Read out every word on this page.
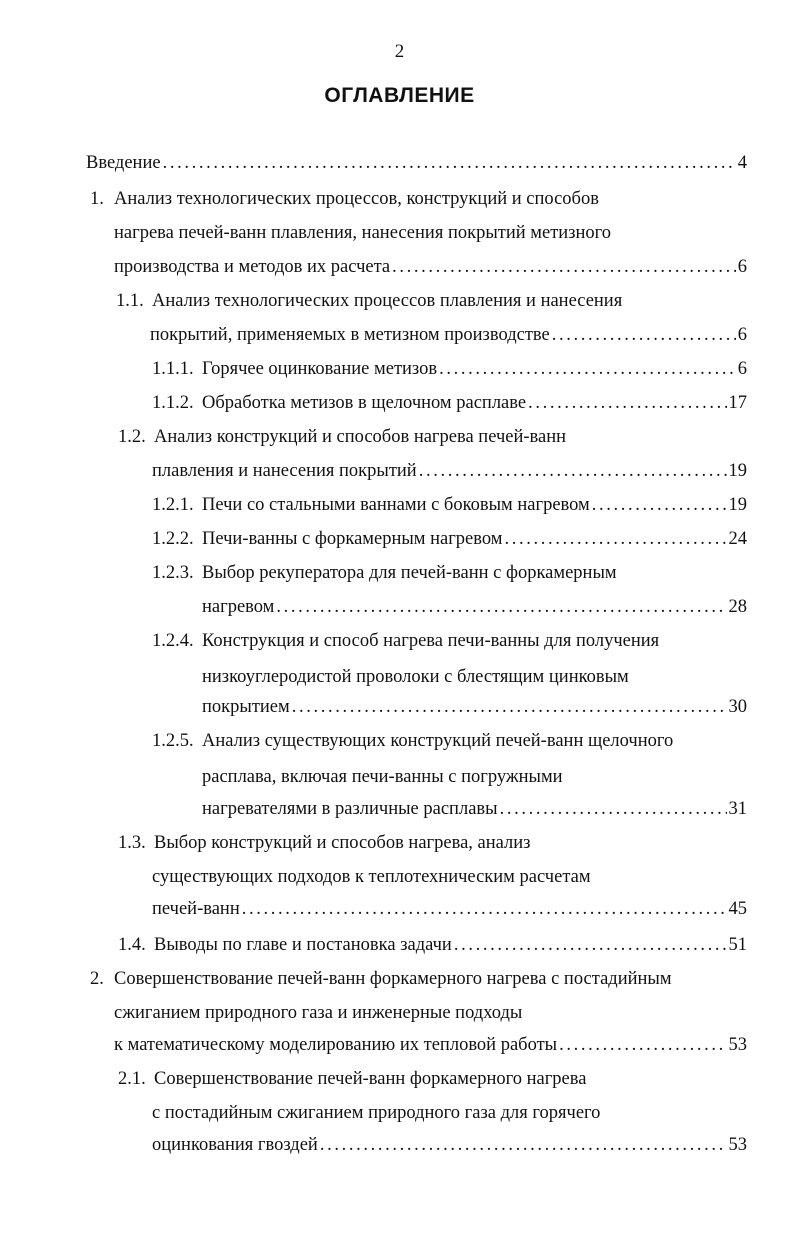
2
ОГЛАВЛЕНИЕ
Введение . . .	4
1. Анализ технологических процессов, конструкций и способов
нагрева печей-ванн плавления, нанесения покрытий метизного
производства и методов их расчета . . .	6
1.1. Анализ технологических процессов плавления и нанесения
покрытий, применяемых в метизном производстве . . .	6
1.1.1. Горячее оцинкование метизов . . .	6
1.1.2. Обработка метизов в щелочном расплаве . . .	17
1.2. Анализ конструкций и способов нагрева печей-ванн
плавления и нанесения покрытий . . .	19
1.2.1. Печи со стальными ваннами с боковым нагревом . . .	19
1.2.2. Печи-ванны с форкамерным нагревом . . .	24
1.2.3. Выбор рекуператора для печей-ванн с форкамерным
нагревом . . .	28
1.2.4. Конструкция и способ нагрева печи-ванны для получения
низкоуглеродистой проволоки с блестящим цинковым
покрытием . . .	30
1.2.5. Анализ существующих конструкций печей-ванн щелочного
расплава, включая печи-ванны с погружными
нагревателями в различные расплавы . . .	31
1.3. Выбор конструкций и способов нагрева, анализ
существующих подходов к теплотехническим расчетам
печей-ванн . . .	45
1.4. Выводы по главе и постановка задачи . . .	51
2. Совершенствование печей-ванн форкамерного нагрева с постадийным
сжиганием природного газа и инженерные подходы
к математическому моделированию их тепловой работы . . .	53
2.1. Совершенствование печей-ванн форкамерного нагрева
с постадийным сжиганием природного газа для горячего
оцинкования гвоздей . . .	53
